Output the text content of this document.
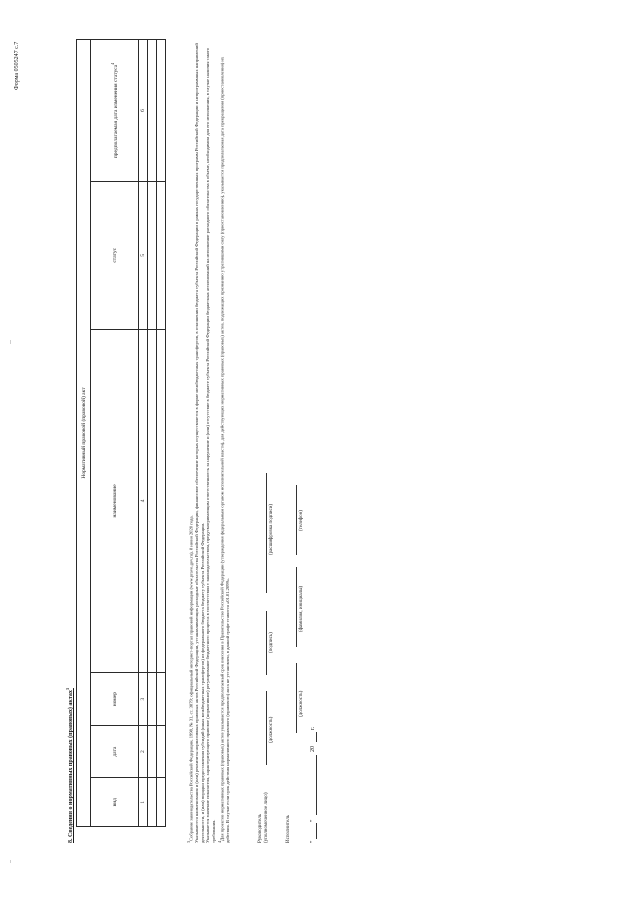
Форма 0505247 с.7
8. Сведения о нормативных правовых (правовых) актах$^3$
Нормативный правовой (правовой) акт					
вид	дата	номер	наименование	статус	предполагаемая дата изменения статуса$^4$
1	2	3	4	5	6

3Собрание законодательства Российской Федерации, 1998, № 31, ст. 3879; официальный интернет-портал правовой информации (www.pravo.gov.ru), 8 июня 2020 года. Указываются наименования и (или) реквизиты нормативных правовых актов Российской Федерации, устанавливающих расходные обязательства Российской Федерации, финансовое обеспечение которых осуществляется в форме межбюджетных трансфертов, в отношении бюджета субъекта Российской Федерации в рамках государственных программ Российской Федерации и непрограммных направлений деятельности, и (или) порядки предоставления субсидий (иных межбюджетных трансфертов) из федерального бюджета бюджету субъекта Российской Федерации. Указывается значение показателя, характеризующего правовое (нормативное) регулирование бюджетного процесса в соответствии с законодательством, предусматривающим ответственность за нарушение и (или) отсутствие в бюджете субъекта Российской Федерации бюджетных ассигнований на исполнение расходного обязательства в объеме, необходимом для его исполнения, в случае наличия такого требования. 4Для проектов нормативных правовых (правовых) актов указывается предполагаемый срок внесения в Правительство Российской Федерации (утверждения федеральным органом исполнительной власти), для действующих нормативных правовых (правовых) актов, подлежащих признанию утратившими силу (приостановлению), указывается предполагаемая дата прекращения (приостановления) их действия. В случае если срок действия нормативного правового (правового) акта не установлен, в данной графе ставится «01.01.2099».	Руководитель (уполномоченное лицо)
(должность)
(подпись)
(расшифровка подписи)
Исполнитель
(должность)
(фамилия, инициалы)
(телефон)
"
"
20
г.
